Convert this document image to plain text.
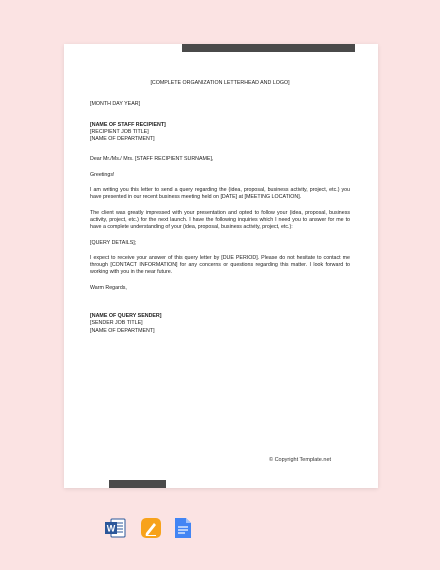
[COMPLETE ORGANIZATION LETTERHEAD AND LOGO]

[MONTH DAY YEAR]

[NAME OF STAFF RECIPIENT]
[RECIPIENT JOB TITLE]
[NAME OF DEPARTMENT]

Dear Mr./Ms./ Mrs. [STAFF RECIPIENT SURNAME],

Greetings!

I am writing you this letter to send a query regarding the (idea, proposal, business activity, project, etc.) you have presented in our recent business meeting held on [DATE] at [MEETING LOCATION].

The client was greatly impressed with your presentation and opted to follow your (idea, proposal, business activity, project, etc.) for the next launch. I have the following inquiries which I need you to answer for me to have a complete understanding of your (idea, proposal, business activity, project, etc.):

[QUERY DETAILS];

I expect to receive your answer of this query letter by [DUE PERIOD]. Please do not hesitate to contact me through [CONTACT INFORMATION] for any concerns or questions regarding this matter. I look forward to working with you in the near future.

Warm Regards,

[NAME OF QUERY SENDER]
[SENDER JOB TITLE]
[NAME OF DEPARTMENT]
© Copyright Template.net
W
